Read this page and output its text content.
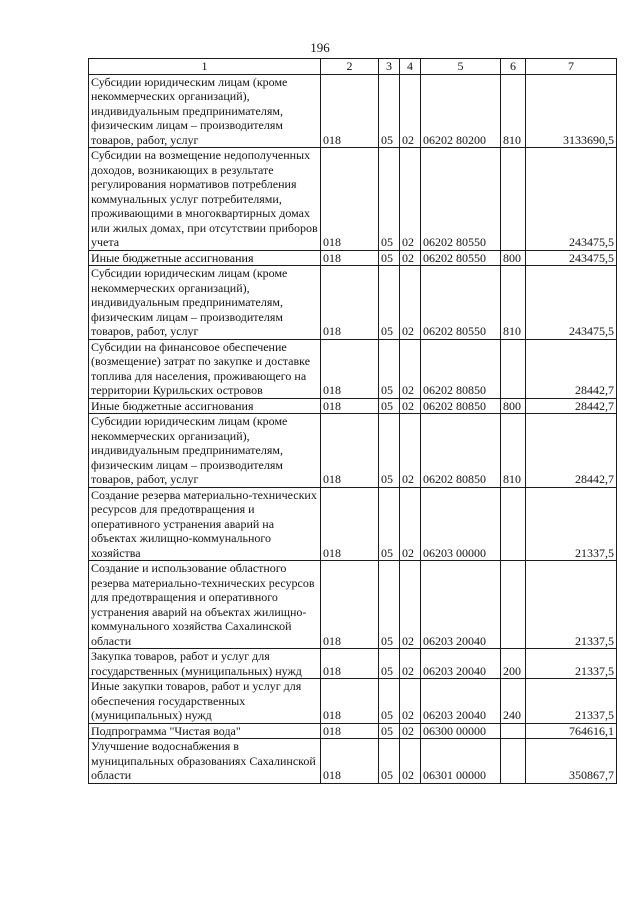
196
1	2	3	4	5	6	7
Субсидии юридическим лицам (кроме некоммерческих организаций), индивидуальным предпринимателям, физическим лицам – производителям товаров, работ, услуг	018	05	02	06202 80200	810	3133690,5
Субсидии на возмещение недополученных доходов, возникающих в результате регулирования нормативов потребления коммунальных услуг потребителями, проживающими в многоквартирных домах или жилых домах, при отсутствии приборов учета	018	05	02	06202 80550		243475,5
Иные бюджетные ассигнования	018	05	02	06202 80550	800	243475,5
Субсидии юридическим лицам (кроме некоммерческих организаций), индивидуальным предпринимателям, физическим лицам – производителям товаров, работ, услуг	018	05	02	06202 80550	810	243475,5
Субсидии на финансовое обеспечение (возмещение) затрат по закупке и доставке топлива для населения, проживающего на территории Курильских островов	018	05	02	06202 80850		28442,7
Иные бюджетные ассигнования	018	05	02	06202 80850	800	28442,7
Субсидии юридическим лицам (кроме некоммерческих организаций), индивидуальным предпринимателям, физическим лицам – производителям товаров, работ, услуг	018	05	02	06202 80850	810	28442,7
Создание резерва материально-технических ресурсов для предотвращения и оперативного устранения аварий на объектах жилищно-коммунального хозяйства	018	05	02	06203 00000		21337,5
Создание и использование областного резерва материально-технических ресурсов для предотвращения и оперативного устранения аварий на объектах жилищно-коммунального хозяйства Сахалинской области	018	05	02	06203 20040		21337,5
Закупка товаров, работ и услуг для государственных (муниципальных) нужд	018	05	02	06203 20040	200	21337,5
Иные закупки товаров, работ и услуг для обеспечения государственных (муниципальных) нужд	018	05	02	06203 20040	240	21337,5
Подпрограмма "Чистая вода"	018	05	02	06300 00000		764616,1
Улучшение водоснабжения в муниципальных образованиях Сахалинской области	018	05	02	06301 00000		350867,7
